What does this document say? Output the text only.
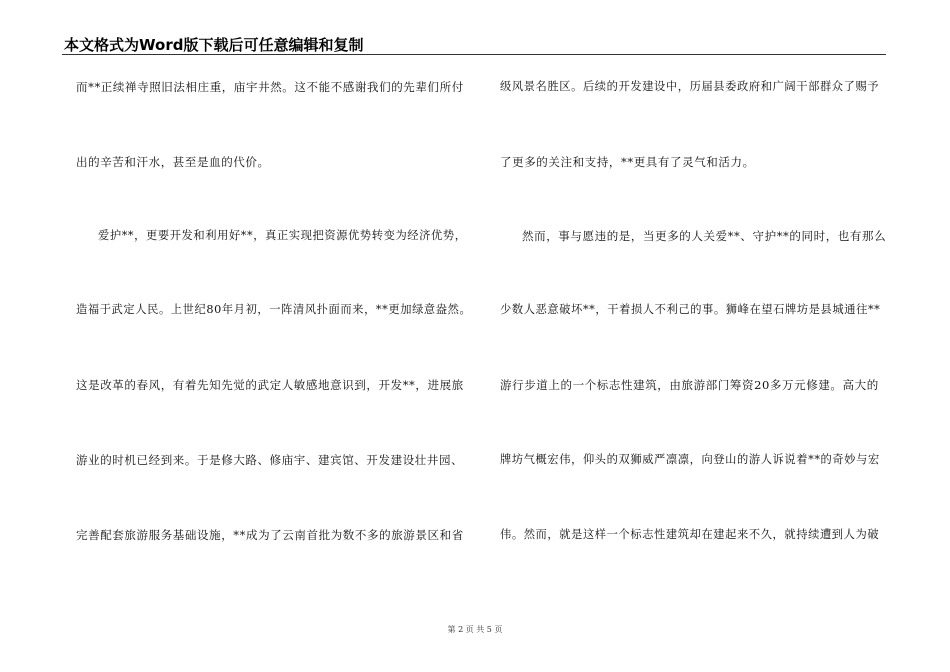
本文格式为Word版下载后可任意编辑和复制
而**正续禅寺照旧法相庄重，庙宇井然。这不能不感谢我们的先辈们所付
出的辛苦和汗水，甚至是血的代价。
爱护**，更要开发和利用好**，真正实现把资源优势转变为经济优势，
造福于武定人民。上世纪80年月初，一阵清风扑面而来，**更加绿意盎然。
这是改革的春风，有着先知先觉的武定人敏感地意识到，开发**，进展旅
游业的时机已经到来。于是修大路、修庙宇、建宾馆、开发建设壮井园、
完善配套旅游服务基础设施，**成为了云南首批为数不多的旅游景区和省
级风景名胜区。后续的开发建设中，历届县委政府和广阔干部群众了赐予
了更多的关注和支持，**更具有了灵气和活力。
然而，事与愿违的是，当更多的人关爱**、守护**的同时，也有那么
少数人恶意破坏**，干着损人不利己的事。狮峰在望石牌坊是县城通往**
游行步道上的一个标志性建筑，由旅游部门筹资20多万元修建。高大的
牌坊气概宏伟，仰头的双狮威严凛凛，向登山的游人诉说着**的奇妙与宏
伟。然而，就是这样一个标志性建筑却在建起来不久，就持续遭到人为破
第 2 页 共 5 页
